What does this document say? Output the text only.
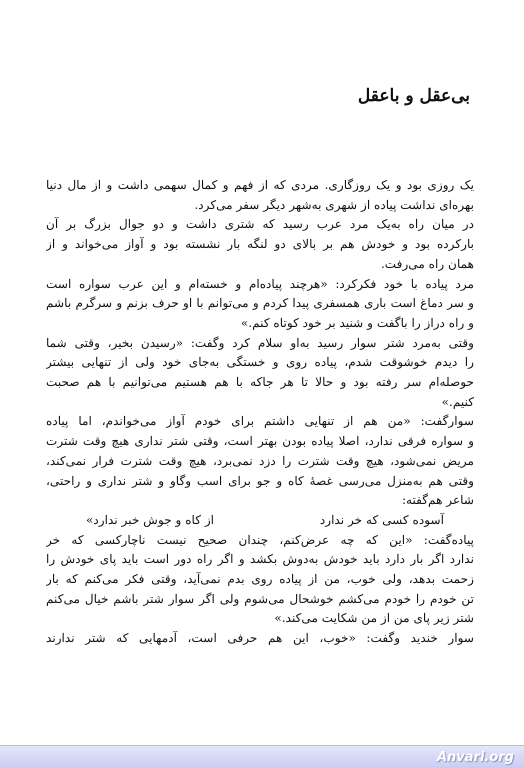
بی‌عقل و باعقل
یک روزی بود و یک روزگاری. مردی که از فهم و کمال سهمی داشت و از مال دنیا
بهره‌ای نداشت پیاده از شهری به‌شهر دیگر سفر می‌کرد.
در میان راه به‌یک مرد عرب رسید که شتری داشت و دو جوال بزرگ بر آن
بارکرده بود و خودش هم بر بالای دو لنگه بار نشسته بود و آواز می‌خواند و از
همان راه می‌رفت.
مرد پیاده با خود فکرکرد: «هرچند پیاده‌ام و خسته‌ام و این عرب سواره است
و سر دماغ است باری همسفری پیدا کردم و می‌توانم با او حرف بزنم و سرگرم باشم
و راه دراز را باگفت و شنید بر خود کوتاه کنم.»
وقتی به‌مرد شتر سوار رسید به‌او سلام کرد وگفت: «رسیدن بخیر، وقتی شما
را دیدم خوشوقت شدم، پیاده روی و خستگی به‌جای خود ولی از تنهایی بیشتر
حوصله‌ام سر رفته بود و حالا تا هر جاکه با هم هستیم می‌توانیم با هم صحبت
کنیم.»
سوارگفت: «من هم از تنهایی داشتم برای خودم آواز می‌خواندم، اما پیاده
و سواره فرقی ندارد، اصلا پیاده بودن بهتر است، وقتی شتر نداری هیچ وقت شترت
مریض نمی‌شود، هیچ وقت شترت را دزد نمی‌برد، هیچ وقت شترت فرار نمی‌کند،
وقتی هم به‌منزل می‌رسی غصهٔ کاه و جو برای اسب وگاو و شتر نداری و راحتی،
شاعر هم‌گفته:
آسوده کسی که خر ندارد
از کاه و جوش خبر ندارد»
پیاده‌گفت: «این که چه عرض‌کنم، چندان صحیح نیست ناچارکسی که خر
ندارد اگر بار دارد باید خودش به‌دوش بکشد و اگر راه دور است باید پای خودش را
زحمت بدهد، ولی خوب، من از پیاده روی بدم نمی‌آید، وقتی فکر می‌کنم که بار
تن خودم را خودم می‌کشم خوشحال می‌شوم ولی اگر سوار شتر باشم خیال می‌کنم
شتر زیر پای من از من شکایت می‌کند.»
سوار خندید وگفت: «خوب، این هم حرفی است، آدمهایی که شتر ندارند
Anvari.org
